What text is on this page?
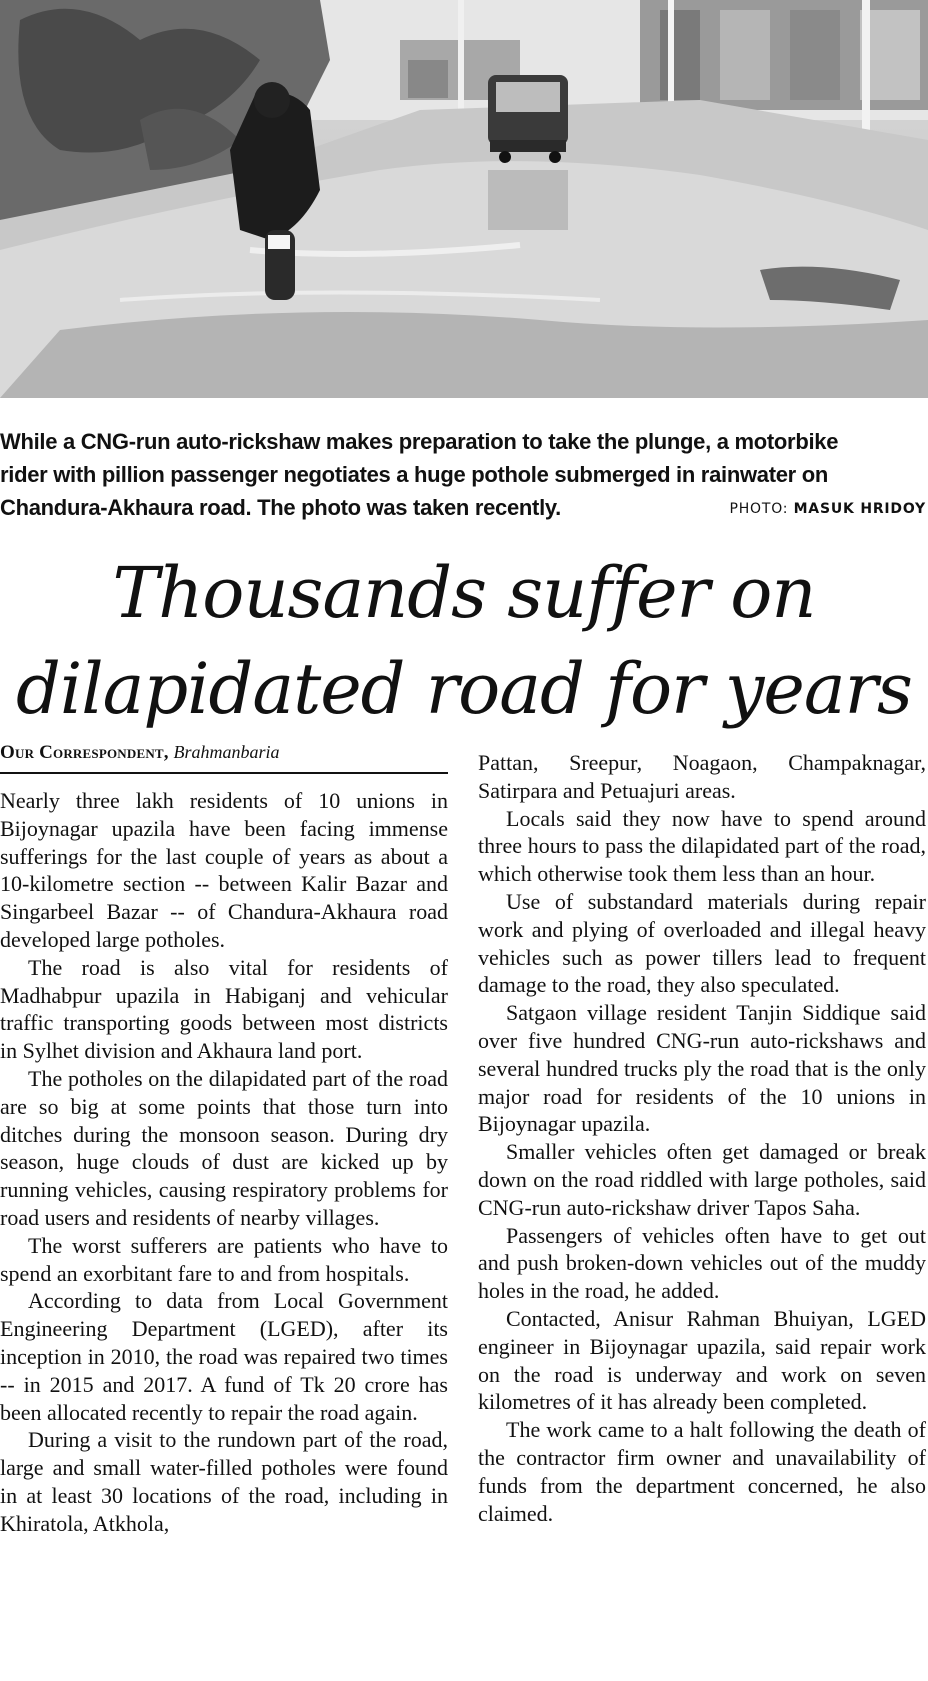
While a CNG-run auto-rickshaw makes preparation to take the plunge, a motorbike

rider with pillion passenger negotiates a huge pothole submerged in rainwater on

Chandura-Akhaura road. The photo was taken recently.	PHOTO: MASUK HRIDOY
Thousands suffer on
dilapidated road for years
Our Correspondent, Brahmanbaria

Nearly three lakh residents of 10 unions in Bijoynagar upazila have been facing immense sufferings for the last couple of years as about a 10-kilometre section -- between Kalir Bazar and Singarbeel Bazar -- of Chandura-Akhaura road developed large potholes.

The road is also vital for residents of Madhabpur upazila in Habiganj and vehicular traffic transporting goods between most districts in Sylhet division and Akhaura land port.

The potholes on the dilapidated part of the road are so big at some points that those turn into ditches during the monsoon season. During dry season, huge clouds of dust are kicked up by running vehicles, causing respiratory problems for road users and residents of nearby villages.

The worst sufferers are patients who have to spend an exorbitant fare to and from hospitals.

According to data from Local Government Engineering Department (LGED), after its inception in 2010, the road was repaired two times -- in 2015 and 2017. A fund of Tk 20 crore has been allocated recently to repair the road again.

During a visit to the rundown part of the road, large and small water-filled potholes were found in at least 30 locations of the road, including in Khiratola, Atkhola,

Pattan, Sreepur, Noagaon, Champaknagar, Satirpara and Petuajuri areas.

Locals said they now have to spend around three hours to pass the dilapidated part of the road, which otherwise took them less than an hour.

Use of substandard materials during repair work and plying of overloaded and illegal heavy vehicles such as power tillers lead to frequent damage to the road, they also speculated.

Satgaon village resident Tanjin Siddique said over five hundred CNG-run auto-rickshaws and several hundred trucks ply the road that is the only major road for residents of the 10 unions in Bijoynagar upazila.

Smaller vehicles often get damaged or break down on the road riddled with large potholes, said CNG-run auto-rickshaw driver Tapos Saha.

Passengers of vehicles often have to get out and push broken-down vehicles out of the muddy holes in the road, he added.

Contacted, Anisur Rahman Bhuiyan, LGED engineer in Bijoynagar upazila, said repair work on the road is underway and work on seven kilometres of it has already been completed.

The work came to a halt following the death of the contractor firm owner and unavailability of funds from the department concerned, he also claimed.
